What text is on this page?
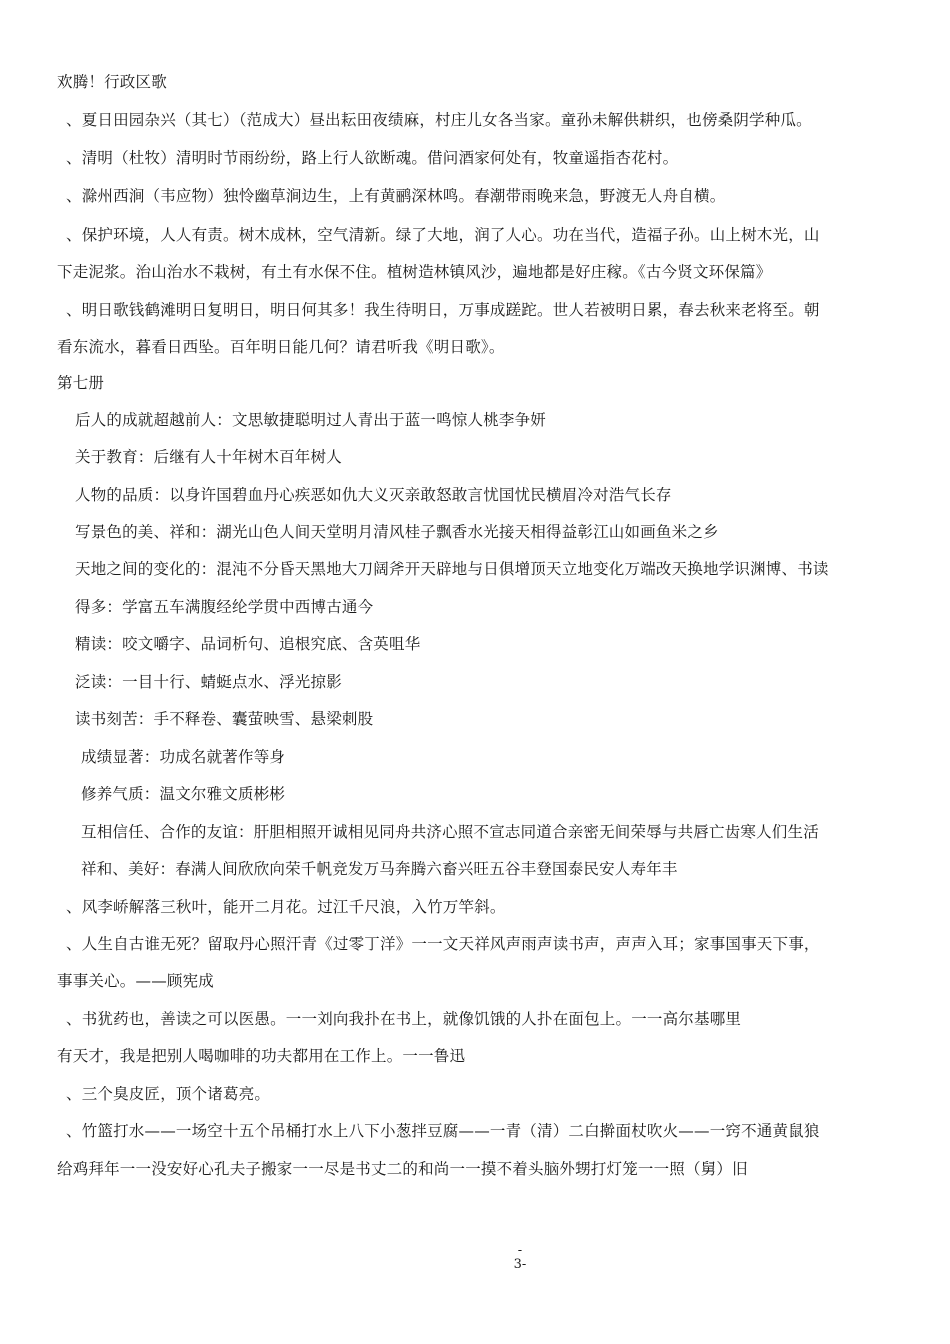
欢腾！行政区歌
、夏日田园杂兴（其七）（范成大）昼出耘田夜绩麻，村庄儿女各当家。童孙未解供耕织，也傍桑阴学种瓜。
、清明（杜牧）清明时节雨纷纷，路上行人欲断魂。借问酒家何处有，牧童遥指杏花村。
、滁州西涧（韦应物）独怜幽草涧边生，上有黄鹂深林鸣。春潮带雨晚来急，野渡无人舟自横。
、保护环境，人人有责。树木成林，空气清新。绿了大地，润了人心。功在当代，造福子孙。山上树木光，山
下走泥浆。治山治水不栽树，有土有水保不住。植树造林镇风沙，遍地都是好庄稼。《古今贤文环保篇》
、明日歌钱鹤滩明日复明日，明日何其多！我生待明日，万事成蹉跎。世人若被明日累，春去秋来老将至。朝
看东流水，暮看日西坠。百年明日能几何？请君听我《明日歌》。
第七册
后人的成就超越前人：文思敏捷聪明过人青出于蓝一鸣惊人桃李争妍
关于教育：后继有人十年树木百年树人
人物的品质：以身许国碧血丹心疾恶如仇大义灭亲敢怒敢言忧国忧民横眉冷对浩气长存
写景色的美、祥和：湖光山色人间天堂明月清风桂子飘香水光接天相得益彰江山如画鱼米之乡
天地之间的变化的：混沌不分昏天黑地大刀阔斧开天辟地与日俱增顶天立地变化万端改天换地学识渊博、书读
得多：学富五车满腹经纶学贯中西博古通今
精读：咬文嚼字、品词析句、追根究底、含英咀华
泛读：一目十行、蜻蜓点水、浮光掠影
读书刻苦：手不释卷、囊萤映雪、悬梁刺股
成绩显著：功成名就著作等身
修养气质：温文尔雅文质彬彬
互相信任、合作的友谊：肝胆相照开诚相见同舟共济心照不宣志同道合亲密无间荣辱与共唇亡齿寒人们生活
祥和、美好：春满人间欣欣向荣千帆竞发万马奔腾六畜兴旺五谷丰登国泰民安人寿年丰
、风李峤解落三秋叶，能开二月花。过江千尺浪，入竹万竿斜。
、人生自古谁无死？留取丹心照汗青《过零丁洋》一一文天祥风声雨声读书声，声声入耳；家事国事天下事，
事事关心。——顾宪成
、书犹药也，善读之可以医愚。一一刘向我扑在书上，就像饥饿的人扑在面包上。一一高尔基哪里
有天才，我是把别人喝咖啡的功夫都用在工作上。一一鲁迅
、三个臭皮匠，顶个诸葛亮。
、竹篮打水——一场空十五个吊桶打水上八下小葱拌豆腐——一青（清）二白擀面杖吹火——一窍不通黄鼠狼
给鸡拜年一一没安好心孔夫子搬家一一尽是书丈二的和尚一一摸不着头脑外甥打灯笼一一照（舅）旧
-
3-
